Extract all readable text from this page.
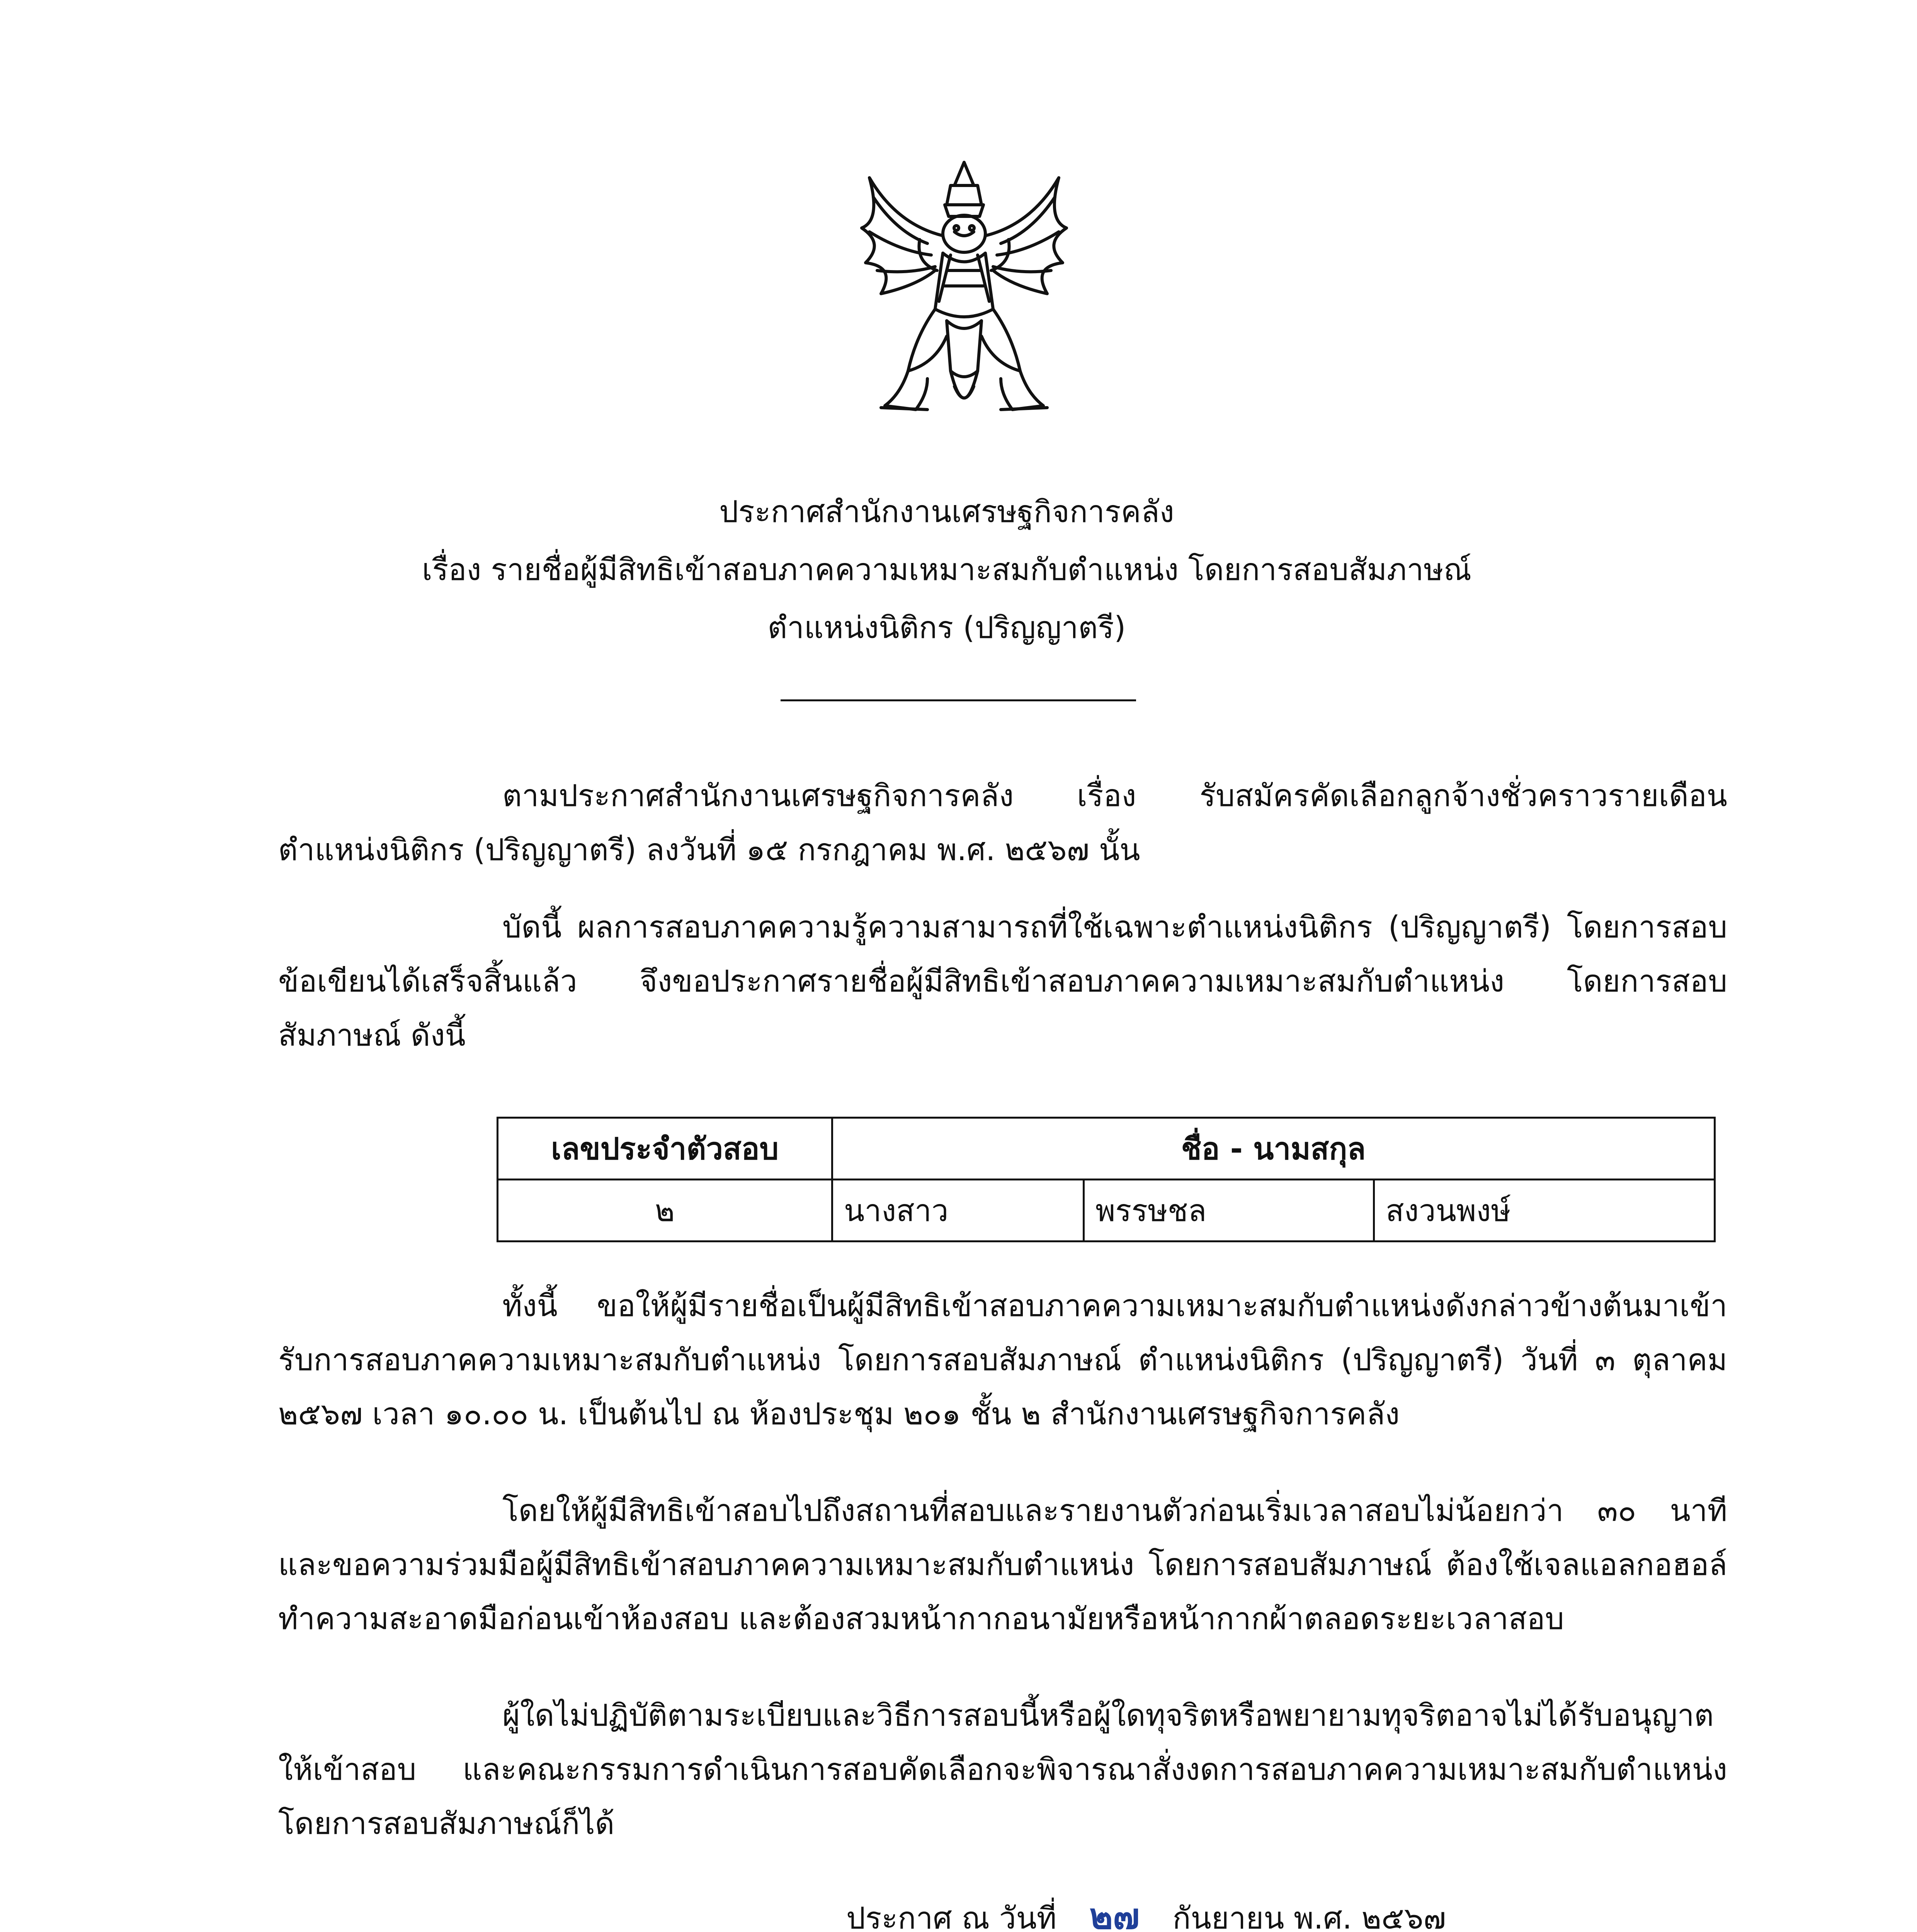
ประกาศสำนักงานเศรษฐกิจการคลัง
เรื่อง รายชื่อผู้มีสิทธิเข้าสอบภาคความเหมาะสมกับตำแหน่ง โดยการสอบสัมภาษณ์
ตำแหน่งนิติกร (ปริญญาตรี)

ตามประกาศสำนักงานเศรษฐกิจการคลัง เรื่อง รับสมัครคัดเลือกลูกจ้างชั่วคราวรายเดือน ตำแหน่งนิติกร (ปริญญาตรี) ลงวันที่ ๑๕ กรกฎาคม พ.ศ. ๒๕๖๗ นั้น

บัดนี้ ผลการสอบภาคความรู้ความสามารถที่ใช้เฉพาะตำแหน่งนิติกร (ปริญญาตรี) โดยการสอบข้อเขียนได้เสร็จสิ้นแล้ว จึงขอประกาศรายชื่อผู้มีสิทธิเข้าสอบภาคความเหมาะสมกับตำแหน่ง โดยการสอบสัมภาษณ์ ดังนี้

เลขประจำตัวสอบ	ชื่อ - นามสกุล		
๒	นางสาว	พรรษชล	สงวนพงษ์

ทั้งนี้ ขอให้ผู้มีรายชื่อเป็นผู้มีสิทธิเข้าสอบภาคความเหมาะสมกับตำแหน่งดังกล่าวข้างต้นมาเข้ารับการสอบภาคความเหมาะสมกับตำแหน่ง โดยการสอบสัมภาษณ์ ตำแหน่งนิติกร (ปริญญาตรี) วันที่ ๓ ตุลาคม ๒๕๖๗ เวลา ๑๐.๐๐ น. เป็นต้นไป ณ ห้องประชุม ๒๐๑ ชั้น ๒ สำนักงานเศรษฐกิจการคลัง

โดยให้ผู้มีสิทธิเข้าสอบไปถึงสถานที่สอบและรายงานตัวก่อนเริ่มเวลาสอบไม่น้อยกว่า ๓๐ นาที และขอความร่วมมือผู้มีสิทธิเข้าสอบภาคความเหมาะสมกับตำแหน่ง โดยการสอบสัมภาษณ์ ต้องใช้เจลแอลกอฮอล์ทำความสะอาดมือก่อนเข้าห้องสอบ และต้องสวมหน้ากากอนามัยหรือหน้ากากผ้าตลอดระยะเวลาสอบ

ผู้ใดไม่ปฏิบัติตามระเบียบและวิธีการสอบนี้หรือผู้ใดทุจริตหรือพยายามทุจริตอาจไม่ได้รับอนุญาตให้เข้าสอบ และคณะกรรมการดำเนินการสอบคัดเลือกจะพิจารณาสั่งงดการสอบภาคความเหมาะสมกับตำแหน่ง โดยการสอบสัมภาษณ์ก็ได้

ประกาศ ณ วันที่ ๒๗ กันยายน พ.ศ. ๒๕๖๗
